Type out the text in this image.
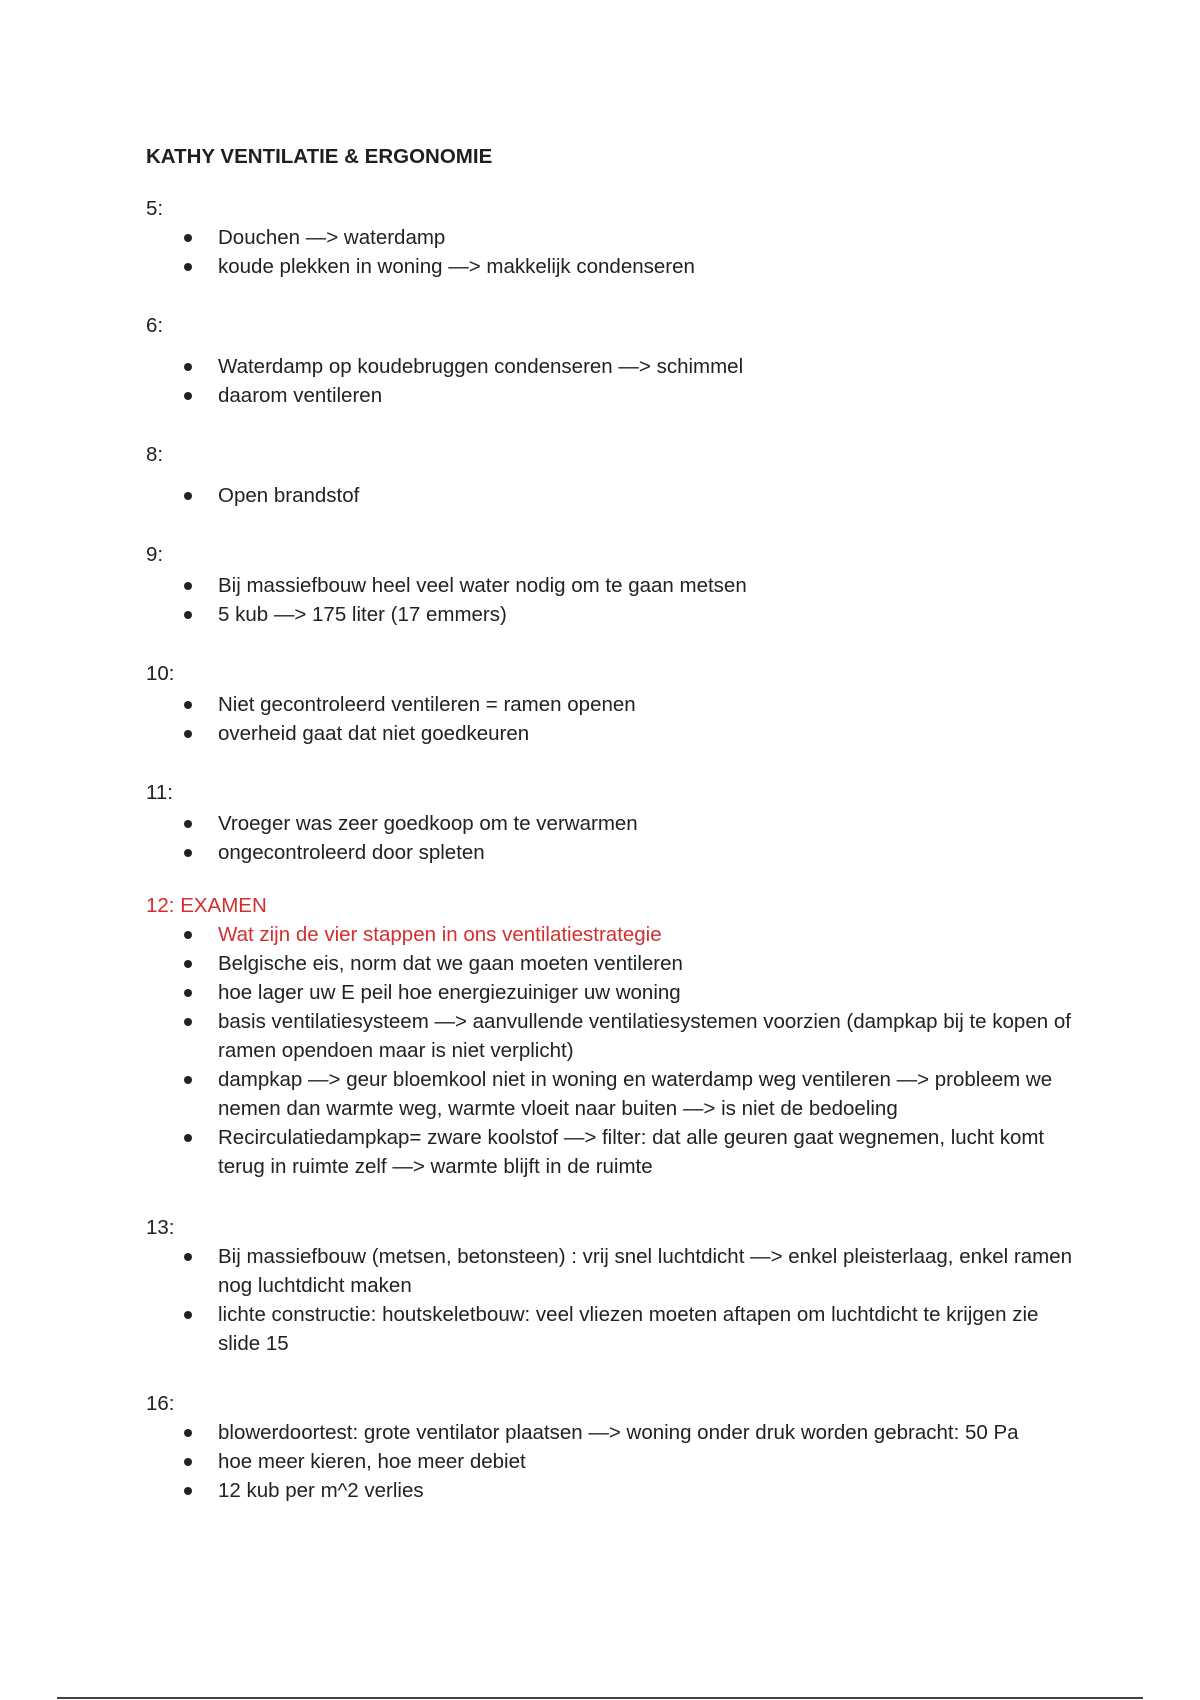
KATHY VENTILATIE & ERGONOMIE
5:
Douchen —> waterdamp
koude plekken in woning —> makkelijk condenseren
6:
Waterdamp op koudebruggen condenseren —> schimmel
daarom ventileren
8:
Open brandstof
9:
Bij massiefbouw heel veel water nodig om te gaan metsen
5 kub —> 175 liter (17 emmers)
10:
Niet gecontroleerd ventileren = ramen openen
overheid gaat dat niet goedkeuren
11:
Vroeger was zeer goedkoop om te verwarmen
ongecontroleerd door spleten
12: EXAMEN
Wat zijn de vier stappen in ons ventilatiestrategie
Belgische eis, norm dat we gaan moeten ventileren
hoe lager uw E peil hoe energiezuiniger uw woning
basis ventilatiesysteem —> aanvullende ventilatiesystemen voorzien (dampkap bij te kopen of ramen opendoen maar is niet verplicht)
dampkap —> geur bloemkool niet in woning en waterdamp weg ventileren —> probleem we nemen dan warmte weg, warmte vloeit naar buiten —> is niet de bedoeling
Recirculatiedampkap= zware koolstof —> filter: dat alle geuren gaat wegnemen, lucht komt terug in ruimte zelf —> warmte blijft in de ruimte
13:
Bij massiefbouw (metsen, betonsteen) : vrij snel luchtdicht —> enkel pleisterlaag, enkel ramen nog luchtdicht maken
lichte constructie: houtskeletbouw: veel vliezen moeten aftapen om luchtdicht te krijgen zie slide 15
16:
blowerdoortest: grote ventilator plaatsen —> woning onder druk worden gebracht: 50 Pa
hoe meer kieren, hoe meer debiet
12 kub per m^2 verlies
